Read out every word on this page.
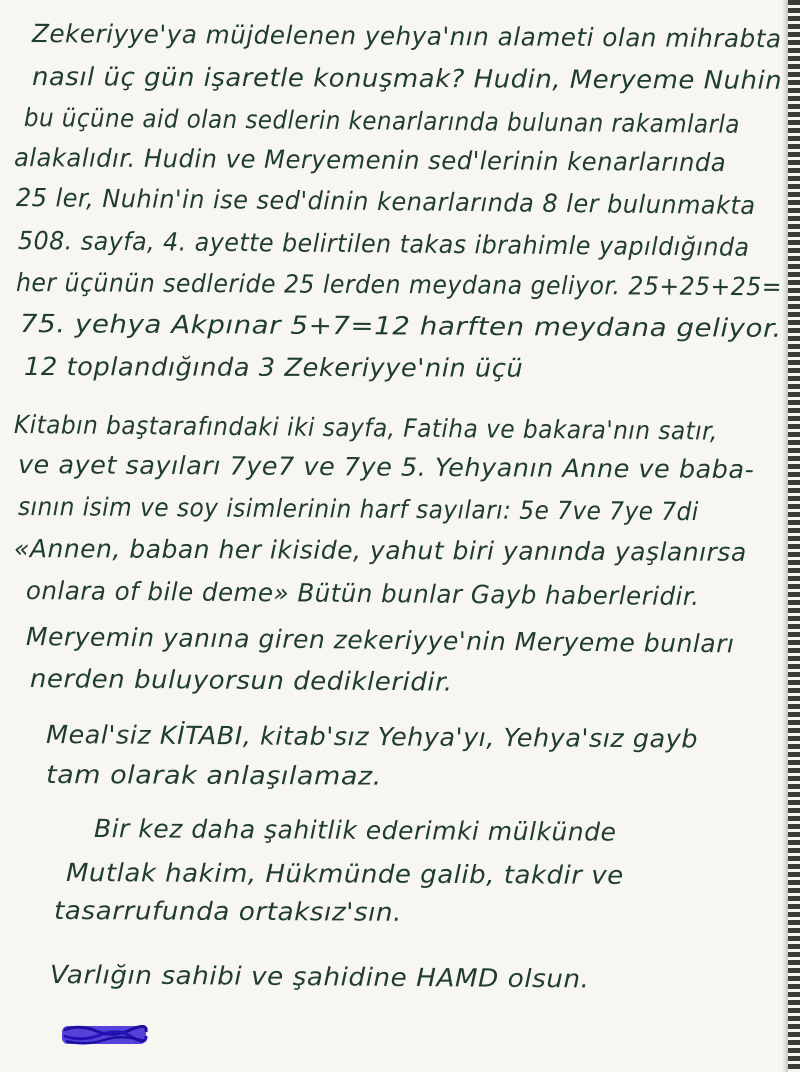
Zekeriyye'ya müjdelenen yehya'nın alameti olan mihrabta
nasıl üç gün işaretle konuşmak? Hudin, Meryeme Nuhin
bu üçüne aid olan sedlerin kenarlarında bulunan rakamlarla
alakalıdır. Hudin ve Meryemenin sed'lerinin kenarlarında
25 ler, Nuhin'in ise sed'dinin kenarlarında 8 ler bulunmakta
508. sayfa, 4. ayette belirtilen takas ibrahimle yapıldığında
her üçünün sedleride 25 lerden meydana geliyor. 25+25+25=
75. yehya Akpınar 5+7=12 harften meydana geliyor.
12 toplandığında 3 Zekeriyye'nin üçü
Kitabın baştarafındaki iki sayfa, Fatiha ve bakara'nın satır,
ve ayet sayıları 7ye7 ve 7ye 5. Yehyanın Anne ve baba-
sının isim ve soy isimlerinin harf sayıları: 5e 7ve 7ye 7di
«Annen, baban her ikiside, yahut biri yanında yaşlanırsa
onlara of bile deme» Bütün bunlar Gayb haberleridir.
Meryemin yanına giren zekeriyye'nin Meryeme bunları
nerden buluyorsun dedikleridir.
Meal'siz KİTABI, kitab'sız Yehya'yı, Yehya'sız gayb
tam olarak anlaşılamaz.
Bir kez daha şahitlik ederimki mülkünde
Mutlak hakim, Hükmünde galib, takdir ve
tasarrufunda ortaksız'sın.
Varlığın sahibi ve şahidine HAMD olsun.
